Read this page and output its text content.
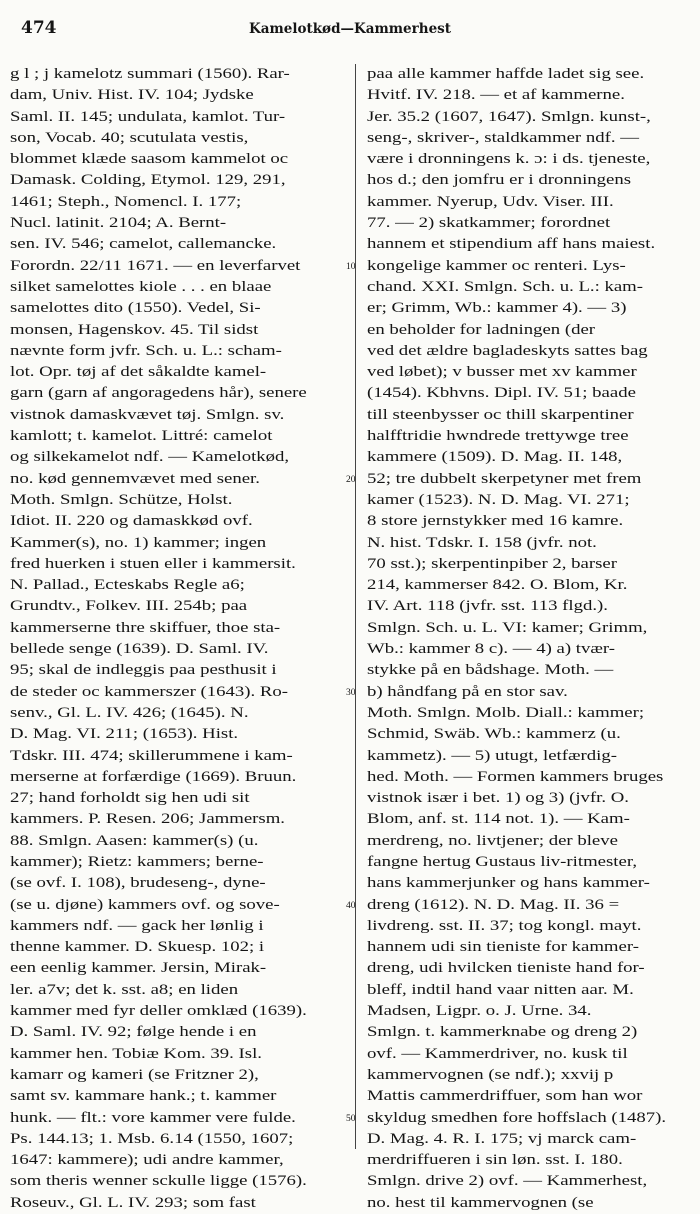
474	Kamelotkød—Kammerhest
g l ; j kamelotz summari (1560). Rar-
dam, Univ. Hist. IV. 104; Jydske
Saml. II. 145; undulata, kamlot. Tur-
son, Vocab. 40; scutulata vestis,
blommet klæde saasom kammelot oc
Damask. Colding, Etymol. 129, 291,
1461; Steph., Nomencl. I. 177;
Nucl. latinit. 2104; A. Bernt-
sen. IV. 546; camelot, callemancke.
Forordn. 22/11 1671. — en leverfarvet
silket samelottes kiole . . . en blaae
samelottes dito (1550). Vedel, Si-
monsen, Hagenskov. 45. Til sidst
nævnte form jvfr. Sch. u. L.: scham-
lot. Opr. tøj af det såkaldte kamel-
garn (garn af angoragedens hår), senere
vistnok damaskvævet tøj. Smlgn. sv.
kamlott; t. kamelot. Littré: camelot
og silkekamelot ndf. — Kamelotkød,
no. kød gennemvævet med sener.
Moth. Smlgn. Schütze, Holst.
Idiot. II. 220 og damaskkød ovf.
Kammer(s), no. 1) kammer; ingen
fred huerken i stuen eller i kammersit.
N. Pallad., Ecteskabs Regle a6;
Grundtv., Folkev. III. 254b; paa
kammerserne thre skiffuer, thoe sta-
bellede senge (1639). D. Saml. IV.
95; skal de indleggis paa pesthusit i
de steder oc kammerszer (1643). Ro-
senv., Gl. L. IV. 426; (1645). N.
D. Mag. VI. 211; (1653). Hist.
Tdskr. III. 474; skillerummene i kam-
merserne at forfærdige (1669). Bruun.
27; hand forholdt sig hen udi sit
kammers. P. Resen. 206; Jammersm.
88. Smlgn. Aasen: kammer(s) (u.
kammer); Rietz: kammers; berne-
(se ovf. I. 108), brudeseng-, dyne-
(se u. djøne) kammers ovf. og sove-
kammers ndf. — gack her lønlig i
thenne kammer. D. Skuesp. 102; i
een eenlig kammer. Jersin, Mirak-
ler. a7v; det k. sst. a8; en liden
kammer med fyr deller omklæd (1639).
D. Saml. IV. 92; følge hende i en
kammer hen. Tobiæ Kom. 39. Isl.
kamarr og kameri (se Fritzner 2),
samt sv. kammare hank.; t. kammer
hunk. — flt.: vore kammer vere fulde.
Ps. 144.13; 1. Msb. 6.14 (1550, 1607;
1647: kammere); udi andre kammer,
som theris wenner sckulle ligge (1576).
Roseuv., Gl. L. IV. 293; som fast
10
20
30
40
50
paa alle kammer haffde ladet sig see.
Hvitf. IV. 218. — et af kammerne.
Jer. 35.2 (1607, 1647). Smlgn. kunst-,
seng-, skriver-, staldkammer ndf. —
være i dronningens k. ɔ: i ds. tjeneste,
hos d.; den jomfru er i dronningens
kammer. Nyerup, Udv. Viser. III.
77. — 2) skatkammer; forordnet
hannem et stipendium aff hans maiest.
kongelige kammer oc renteri. Lys-
chand. XXI. Smlgn. Sch. u. L.: kam-
er; Grimm, Wb.: kammer 4). — 3)
en beholder for ladningen (der
ved det ældre bagladeskyts sattes bag
ved løbet); v busser met xv kammer
(1454). Kbhvns. Dipl. IV. 51; baade
till steenbysser oc thill skarpentiner
halfftridie hwndrede trettywge tree
kammere (1509). D. Mag. II. 148,
52; tre dubbelt skerpetyner met frem
kamer (1523). N. D. Mag. VI. 271;
8 store jernstykker med 16 kamre.
N. hist. Tdskr. I. 158 (jvfr. not.
70 sst.); skerpentinpiber 2, barser
214, kammerser 842. O. Blom, Kr.
IV. Art. 118 (jvfr. sst. 113 flgd.).
Smlgn. Sch. u. L. VI: kamer; Grimm,
Wb.: kammer 8 c). — 4) a) tvær-
stykke på en bådshage. Moth. —
b) håndfang på en stor sav.
Moth. Smlgn. Molb. Diall.: kammer;
Schmid, Swäb. Wb.: kammerz (u.
kammetz). — 5) utugt, letfærdig-
hed. Moth. — Formen kammers bruges
vistnok især i bet. 1) og 3) (jvfr. O.
Blom, anf. st. 114 not. 1). — Kam-
merdreng, no. livtjener; der bleve
fangne hertug Gustaus liv-ritmester,
hans kammerjunker og hans kammer-
dreng (1612). N. D. Mag. II. 36 =
livdreng. sst. II. 37; tog kongl. mayt.
hannem udi sin tieniste for kammer-
dreng, udi hvilcken tieniste hand for-
bleff, indtil hand vaar nitten aar. M.
Madsen, Ligpr. o. J. Urne. 34.
Smlgn. t. kammerknabe og dreng 2)
ovf. — Kammerdriver, no. kusk til
kammervognen (se ndf.); xxvij p
Mattis cammerdriffuer, som han wor
skyldug smedhen fore hoffslach (1487).
D. Mag. 4. R. I. 175; vj marck cam-
merdriffueren i sin løn. sst. I. 180.
Smlgn. drive 2) ovf. — Kammerhest,
no. hest til kammervognen (se
